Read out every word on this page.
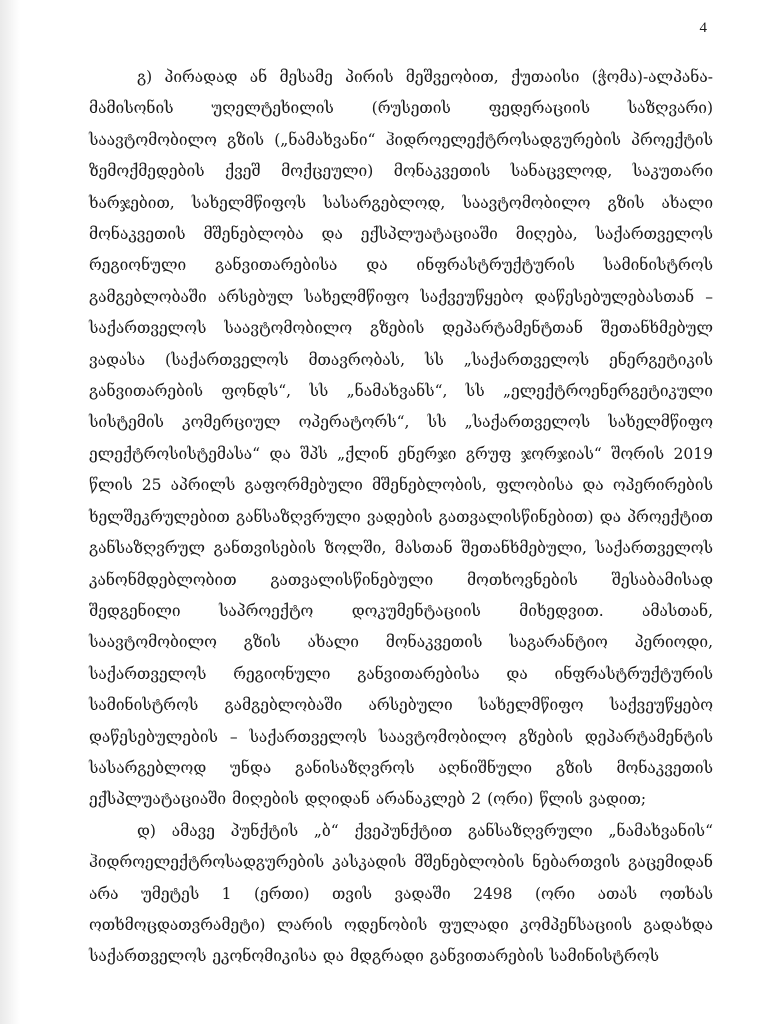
4

გ) პირადად ან მესამე პირის მეშვეობით, ქუთაისი (ჭომა)-ალპანა-მამისონის უღელტეხილის (რუსეთის ფედერაციის საზღვარი) საავტომობილო გზის („ნამახვანი“ ჰიდროელექტროსადგურების პროექტის ზემოქმედების ქვეშ მოქცეული) მონაკვეთის სანაცვლოდ, საკუთარი ხარჯებით, სახელმწიფოს სასარგებლოდ, საავტომობილო გზის ახალი მონაკვეთის მშენებლობა და ექსპლუატაციაში მიღება, საქართველოს რეგიონული განვითარებისა და ინფრასტრუქტურის სამინისტროს გამგებლობაში არსებულ სახელმწიფო საქვეუწყებო დაწესებულებასთან – საქართველოს საავტომობილო გზების დეპარტამენტთან შეთანხმებულ ვადასა (საქართველოს მთავრობას, სს „საქართველოს ენერგეტიკის განვითარების ფონდს“, სს „ნამახვანს“, სს „ელექტროენერგეტიკული სისტემის კომერციულ ოპერატორს“, სს „საქართველოს სახელმწიფო ელექტროსისტემასა“ და შპს „ქლინ ენერჯი გრუფ ჯორჯიას“ შორის 2019 წლის 25 აპრილს გაფორმებული მშენებლობის, ფლობისა და ოპერირების ხელშეკრულებით განსაზღვრული ვადების გათვალისწინებით) და პროექტით განსაზღვრულ განთვისების ზოლში, მასთან შეთანხმებული, საქართველოს კანონმდებლობით გათვალისწინებული მოთხოვნების შესაბამისად შედგენილი საპროექტო დოკუმენტაციის მიხედვით. ამასთან, საავტომობილო გზის ახალი მონაკვეთის საგარანტიო პერიოდი, საქართველოს რეგიონული განვითარებისა და ინფრასტრუქტურის სამინისტროს გამგებლობაში არსებული სახელმწიფო საქვეუწყებო დაწესებულების – საქართველოს საავტომობილო გზების დეპარტამენტის სასარგებლოდ უნდა განისაზღვროს აღნიშნული გზის მონაკვეთის ექსპლუატაციაში მიღების დღიდან არანაკლებ 2 (ორი) წლის ვადით;

დ) ამავე პუნქტის „ბ“ ქვეპუნქტით განსაზღვრული „ნამახვანის“ ჰიდროელექტროსადგურების კასკადის მშენებლობის ნებართვის გაცემიდან არა უმეტეს 1 (ერთი) თვის ვადაში 2498 (ორი ათას ოთხას ოთხმოცდათვრამეტი) ლარის ოდენობის ფულადი კომპენსაციის გადახდა საქართველოს ეკონომიკისა და მდგრადი განვითარების სამინისტროს
